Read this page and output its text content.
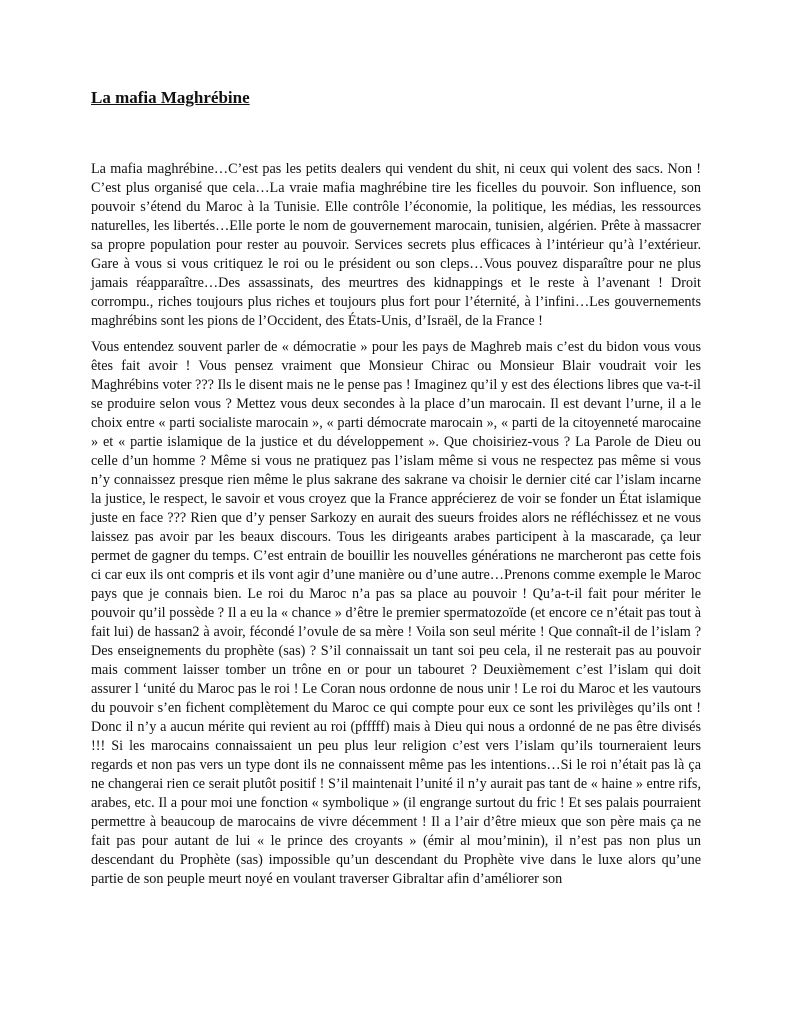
La mafia Maghrébine

La mafia maghrébine…C’est pas les petits dealers qui vendent du shit, ni ceux qui volent des sacs. Non ! C’est plus organisé que cela…La vraie mafia maghrébine tire les ficelles du pouvoir. Son influence, son pouvoir s’étend du Maroc à la Tunisie. Elle contrôle l’économie, la politique, les médias, les ressources naturelles, les libertés…Elle porte le nom de gouvernement marocain, tunisien, algérien. Prête à massacrer sa propre population pour rester au pouvoir. Services secrets plus efficaces à l’intérieur qu’à l’extérieur. Gare à vous si vous critiquez le roi ou le président ou son cleps…Vous pouvez disparaître pour ne plus jamais réapparaître…Des assassinats, des meurtres des kidnappings et le reste à l’avenant ! Droit corrompu., riches toujours plus riches et toujours plus fort pour l’éternité, à l’infini…Les gouvernements maghrébins sont les pions de l’Occident, des États-Unis, d’Israël, de la France !

Vous entendez souvent parler de « démocratie » pour les pays de Maghreb mais c’est du bidon vous vous êtes fait avoir ! Vous pensez vraiment que Monsieur Chirac ou Monsieur Blair voudrait voir les Maghrébins voter ??? Ils le disent mais ne le pense pas ! Imaginez qu’il y est des élections libres que va-t-il se produire selon vous ? Mettez vous deux secondes à la place d’un marocain. Il est devant l’urne, il a le choix entre « parti socialiste marocain », « parti démocrate marocain », « parti de la citoyenneté marocaine » et « partie islamique de la justice et du développement ». Que choisiriez-vous ? La Parole de Dieu ou celle d’un homme ? Même si vous ne pratiquez pas l’islam même si vous ne respectez pas même si vous n’y connaissez presque rien même le plus sakrane des sakrane va choisir le dernier cité car l’islam incarne la justice, le respect, le savoir et vous croyez que la France apprécierez de voir se fonder un État islamique juste en face ??? Rien que d’y penser Sarkozy en aurait des sueurs froides alors ne réfléchissez et ne vous laissez pas avoir par les beaux discours. Tous les dirigeants arabes participent à la mascarade, ça leur permet de gagner du temps. C’est entrain de bouillir les nouvelles générations ne marcheront pas cette fois ci car eux ils ont compris et ils vont agir d’une manière ou d’une autre…Prenons comme exemple le Maroc pays que je connais bien. Le roi du Maroc n’a pas sa place au pouvoir ! Qu’a-t-il fait pour mériter le pouvoir qu’il possède ? Il a eu la « chance » d’être le premier spermatozoïde (et encore ce n’était pas tout à fait lui) de hassan2 à avoir, fécondé l’ovule de sa mère ! Voila son seul mérite ! Que connaît-il de l’islam ? Des enseignements du prophète (sas) ? S’il connaissait un tant soi peu cela, il ne resterait pas au pouvoir mais comment laisser tomber un trône en or pour un tabouret ? Deuxièmement c’est l’islam qui doit assurer l ‘unité du Maroc pas le roi ! Le Coran nous ordonne de nous unir ! Le roi du Maroc et les vautours du pouvoir s’en fichent complètement du Maroc ce qui compte pour eux ce sont les privilèges qu’ils ont ! Donc il n’y a aucun mérite qui revient au roi (pfffff) mais à Dieu qui nous a ordonné de ne pas être divisés !!! Si les marocains connaissaient un peu plus leur religion c’est vers l’islam qu’ils tourneraient leurs regards et non pas vers un type dont ils ne connaissent même pas les intentions…Si le roi n’était pas là ça ne changerai rien ce serait plutôt positif ! S’il maintenait l’unité il n’y aurait pas tant de « haine » entre rifs, arabes, etc. Il a pour moi une fonction « symbolique » (il engrange surtout du fric ! Et ses palais pourraient permettre à beaucoup de marocains de vivre décemment ! Il a l’air d’être mieux que son père mais ça ne fait pas pour autant de lui « le prince des croyants » (émir al mou’minin), il n’est pas non plus un descendant du Prophète (sas) impossible qu’un descendant du Prophète vive dans le luxe alors qu’une partie de son peuple meurt noyé en voulant traverser Gibraltar afin d’améliorer son
